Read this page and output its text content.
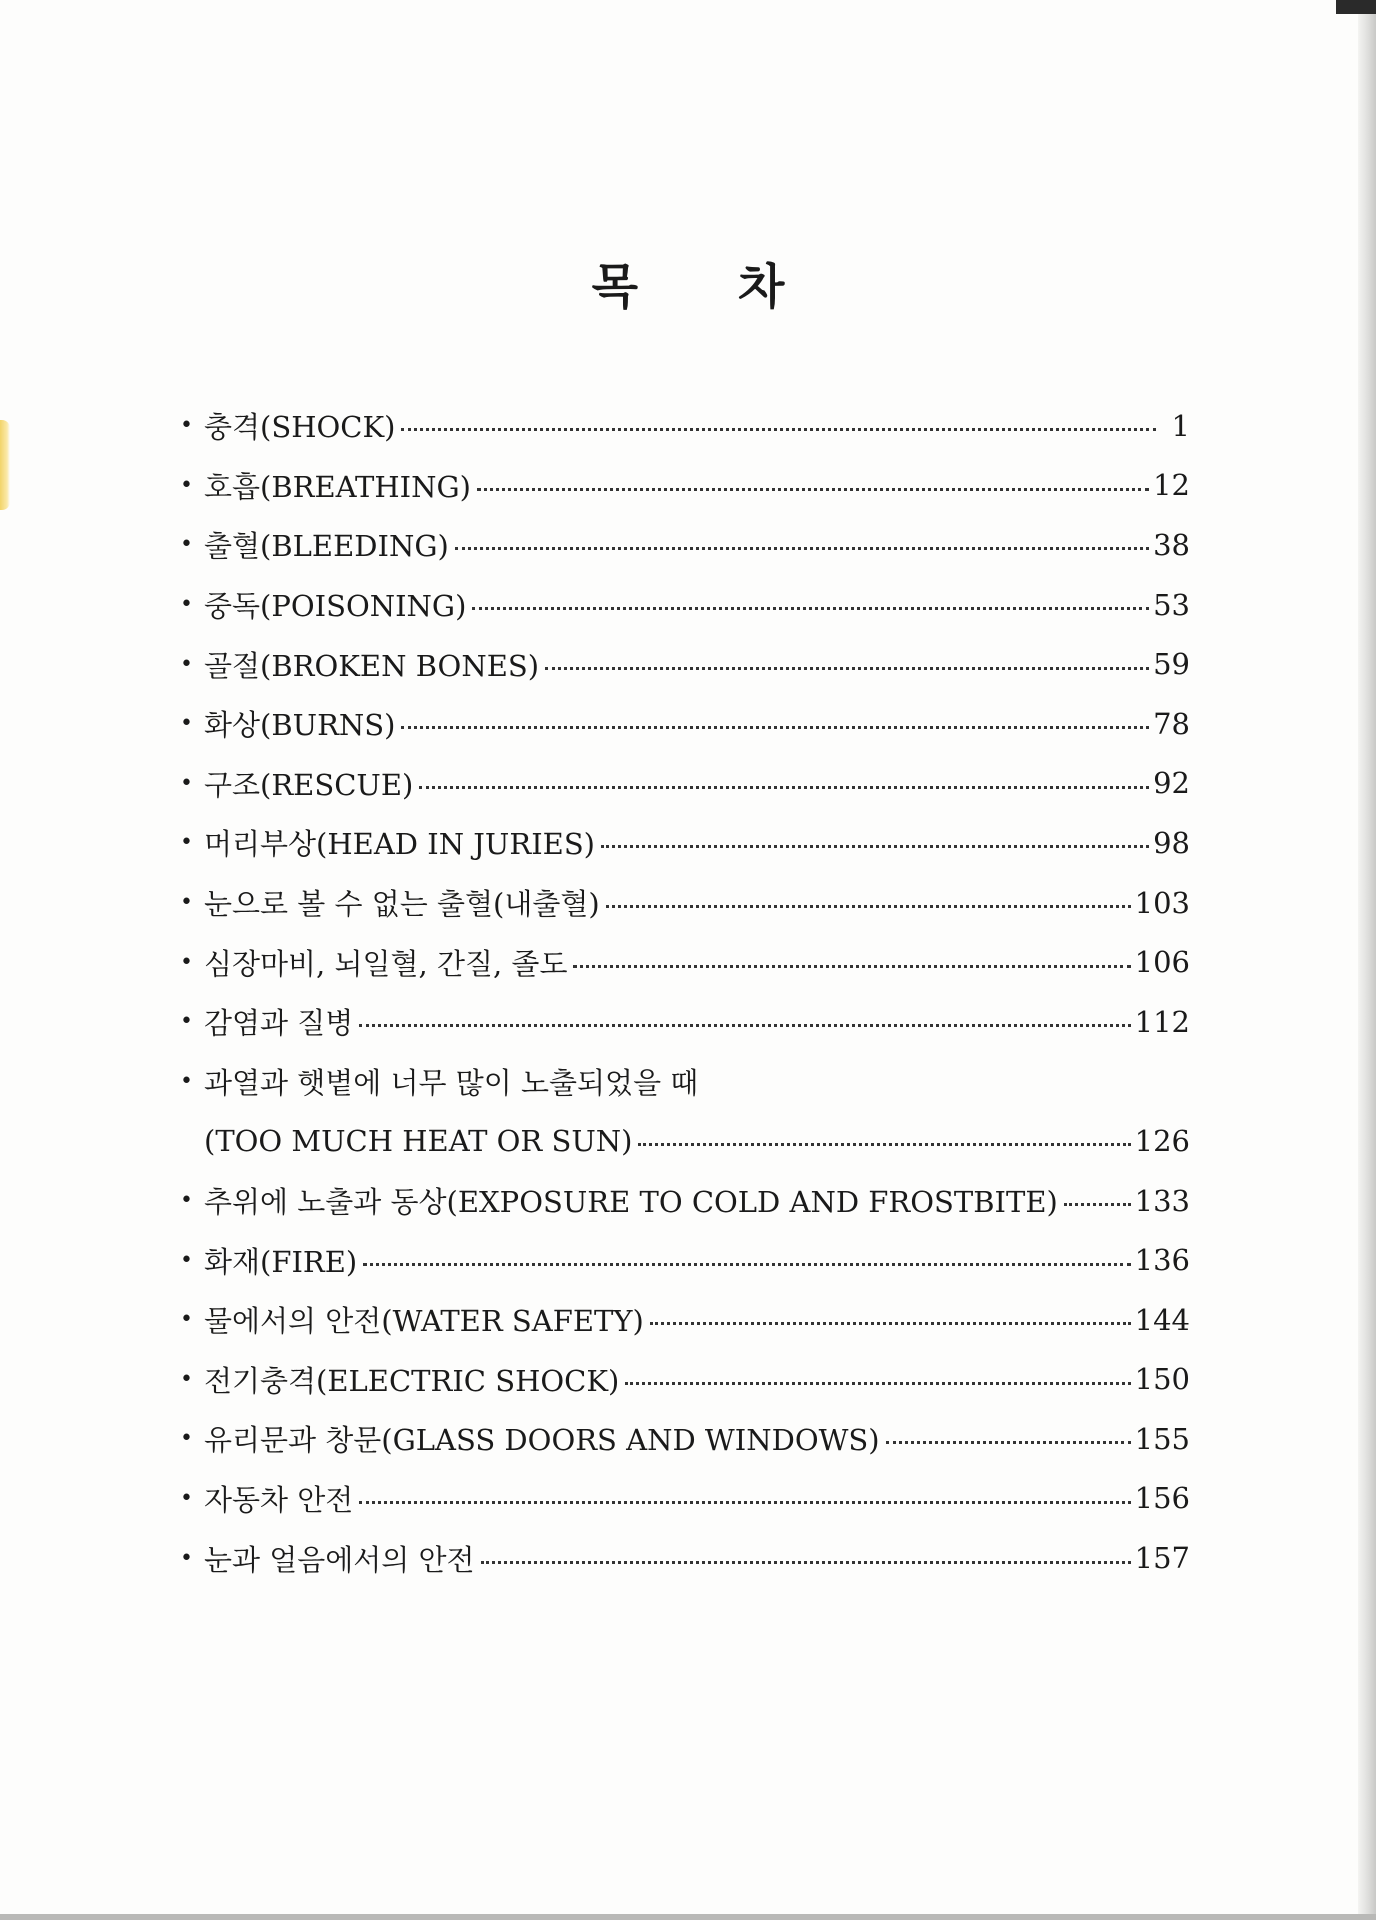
목 차
• 충격(SHOCK)	1
• 호흡(BREATHING)	12
• 출혈(BLEEDING)	38
• 중독(POISONING)	53
• 골절(BROKEN BONES)	59
• 화상(BURNS)	78
• 구조(RESCUE)	92
• 머리부상(HEAD IN JURIES)	98
• 눈으로 볼 수 없는 출혈(내출혈)	103
• 심장마비, 뇌일혈, 간질, 졸도	106
• 감염과 질병	112
• 과열과 햇볕에 너무 많이 노출되었을 때
(TOO MUCH HEAT OR SUN)	126
• 추위에 노출과 동상(EXPOSURE TO COLD AND FROSTBITE)	133
• 화재(FIRE)	136
• 물에서의 안전(WATER SAFETY)	144
• 전기충격(ELECTRIC SHOCK)	150
• 유리문과 창문(GLASS DOORS AND WINDOWS)	155
• 자동차 안전	156
• 눈과 얼음에서의 안전	157
